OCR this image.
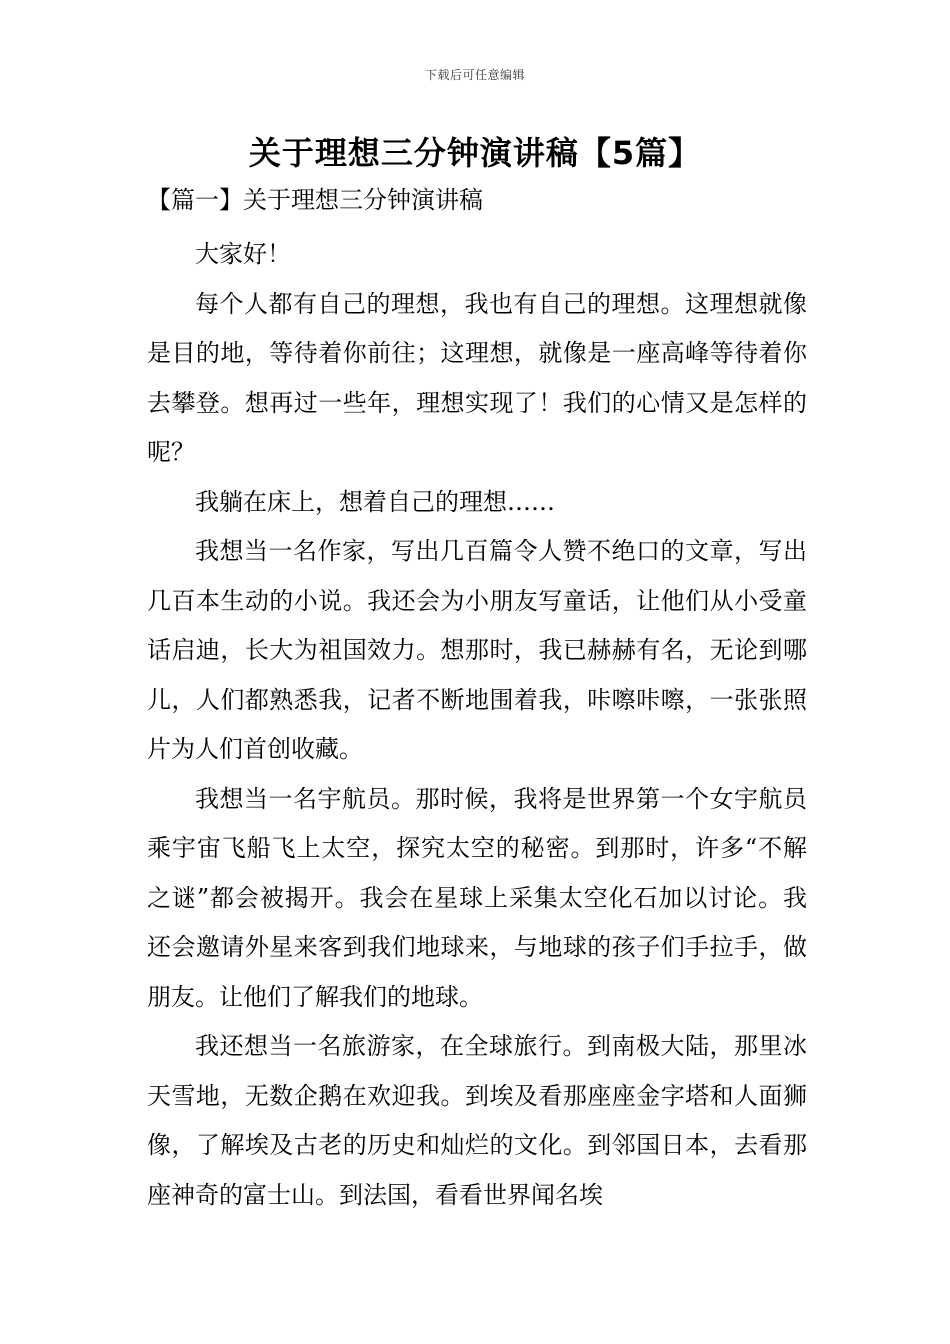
下载后可任意编辑
关于理想三分钟演讲稿【5篇】
【篇一】关于理想三分钟演讲稿

大家好！

每个人都有自己的理想，我也有自己的理想。这理想就像是目的地，等待着你前往；这理想，就像是一座高峰等待着你去攀登。想再过一些年，理想实现了！我们的心情又是怎样的呢？

我躺在床上，想着自己的理想……

我想当一名作家，写出几百篇令人赞不绝口的文章，写出几百本生动的小说。我还会为小朋友写童话，让他们从小受童话启迪，长大为祖国效力。想那时，我已赫赫有名，无论到哪儿，人们都熟悉我，记者不断地围着我，咔嚓咔嚓，一张张照片为人们首创收藏。

我想当一名宇航员。那时候，我将是世界第一个女宇航员乘宇宙飞船飞上太空，探究太空的秘密。到那时，许多“不解之谜”都会被揭开。我会在星球上采集太空化石加以讨论。我还会邀请外星来客到我们地球来，与地球的孩子们手拉手，做朋友。让他们了解我们的地球。

我还想当一名旅游家，在全球旅行。到南极大陆，那里冰天雪地，无数企鹅在欢迎我。到埃及看那座座金字塔和人面狮像，了解埃及古老的历史和灿烂的文化。到邻国日本，去看那座神奇的富士山。到法国，看看世界闻名埃
